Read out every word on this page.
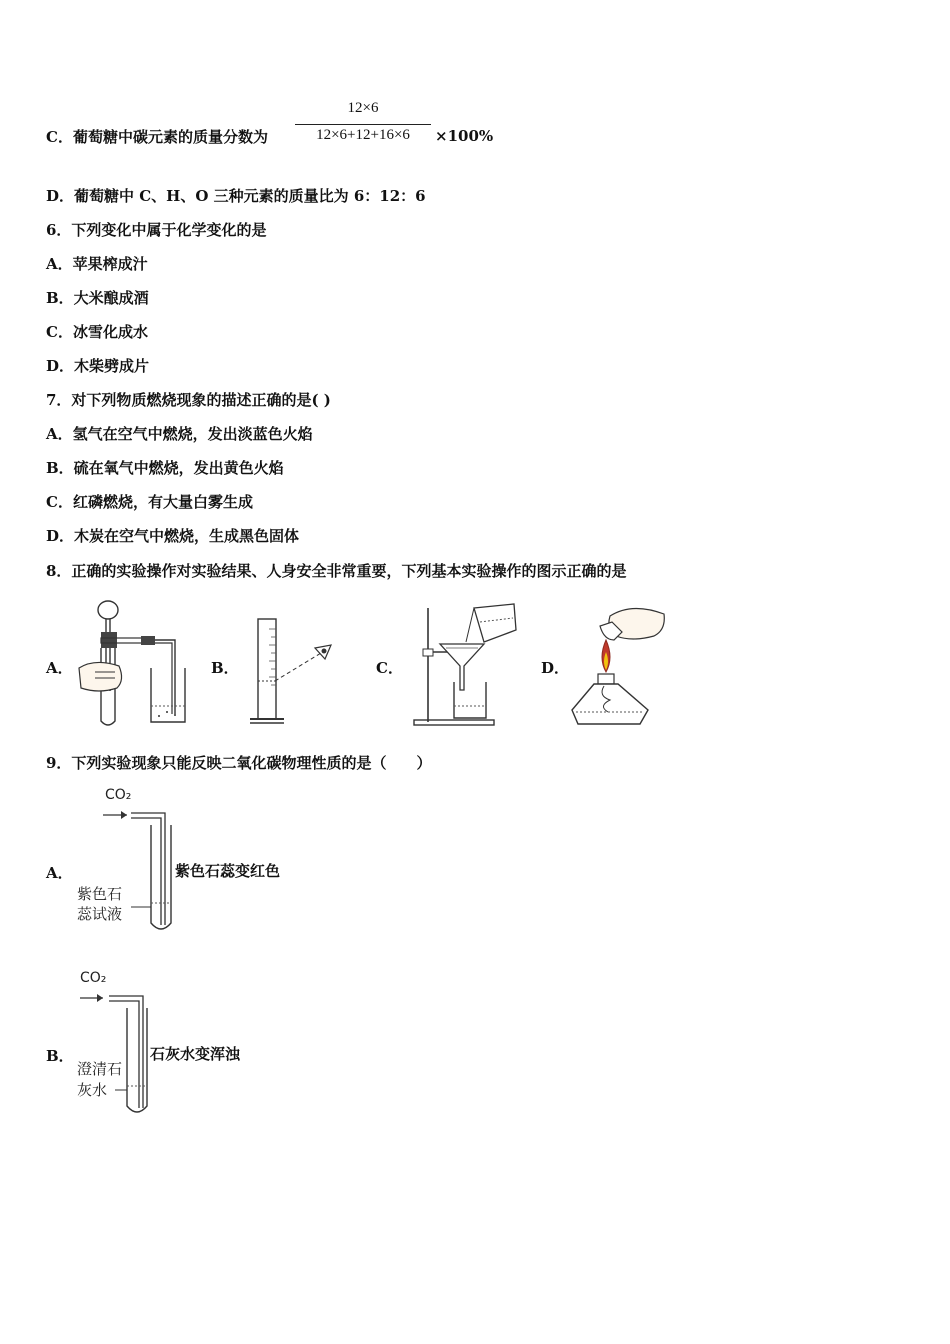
C．葡萄糖中碳元素的质量分数为
12×6
12×6+12+16×6	×100%
D．葡萄糖中 C、H、O 三种元素的质量比为 6：12：6
6．下列变化中属于化学变化的是
A．苹果榨成汁
B．大米酿成酒
C．冰雪化成水
D．木柴劈成片
7．对下列物质燃烧现象的描述正确的是( )
A．氢气在空气中燃烧，发出淡蓝色火焰
B．硫在氧气中燃烧，发出黄色火焰
C．红磷燃烧，有大量白雾生成
D．木炭在空气中燃烧，生成黑色固体
8．正确的实验操作对实验结果、人身安全非常重要，下列基本实验操作的图示正确的是
A．	B．	C．	D．
9．下列实验现象只能反映二氧化碳物理性质的是（　　）
A．
CO₂
紫色石
蕊试液
紫色石蕊变红色
B．
CO₂
澄清石
灰水
石灰水变浑浊
